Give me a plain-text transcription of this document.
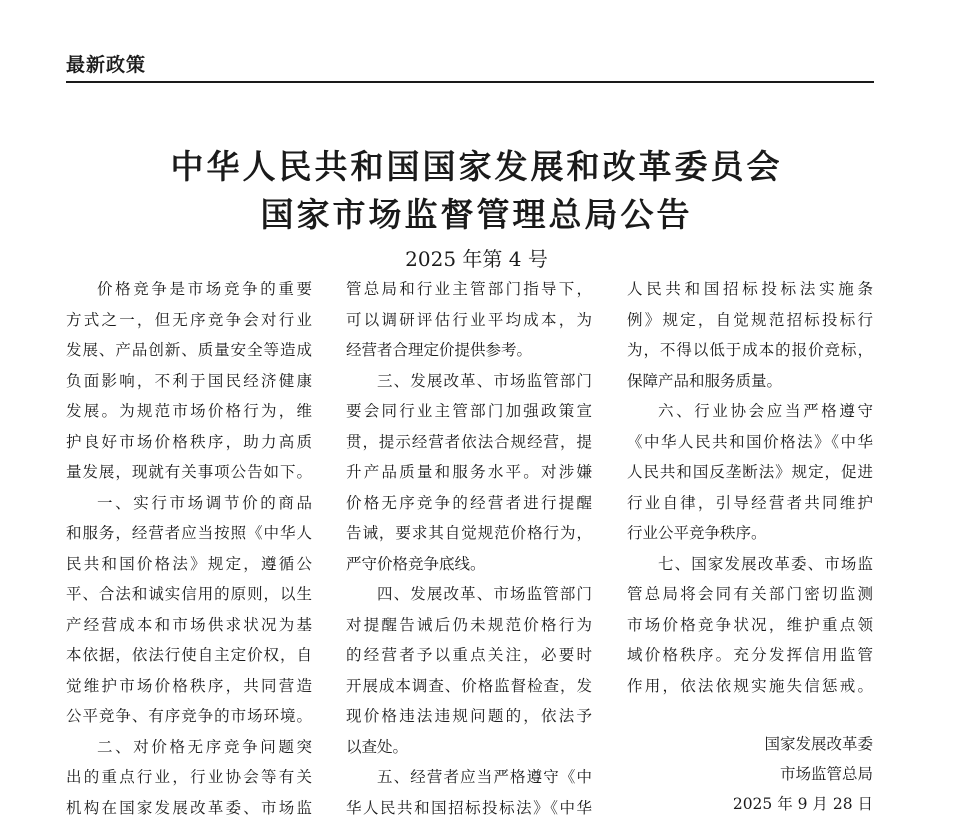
最新政策
中华人民共和国国家发展和改革委员会
国家市场监督管理总局公告
2025 年第 4 号
价格竞争是市场竞争的重要
方式之一，但无序竞争会对行业
发展、产品创新、质量安全等造成
负面影响，不利于国民经济健康
发展。为规范市场价格行为，维
护良好市场价格秩序，助力高质
量发展，现就有关事项公告如下。
一、实行市场调节价的商品
和服务，经营者应当按照《中华人
民共和国价格法》规定，遵循公
平、合法和诚实信用的原则，以生
产经营成本和市场供求状况为基
本依据，依法行使自主定价权，自
觉维护市场价格秩序，共同营造
公平竞争、有序竞争的市场环境。
二、对价格无序竞争问题突
出的重点行业，行业协会等有关
机构在国家发展改革委、市场监
管总局和行业主管部门指导下，
可以调研评估行业平均成本，为
经营者合理定价提供参考。
三、发展改革、市场监管部门
要会同行业主管部门加强政策宣
贯，提示经营者依法合规经营，提
升产品质量和服务水平。对涉嫌
价格无序竞争的经营者进行提醒
告诫，要求其自觉规范价格行为，
严守价格竞争底线。
四、发展改革、市场监管部门
对提醒告诫后仍未规范价格行为
的经营者予以重点关注，必要时
开展成本调查、价格监督检查，发
现价格违法违规问题的，依法予
以查处。
五、经营者应当严格遵守《中
华人民共和国招标投标法》《中华
人民共和国招标投标法实施条
例》规定，自觉规范招标投标行
为，不得以低于成本的报价竞标，
保障产品和服务质量。
六、行业协会应当严格遵守
《中华人民共和国价格法》《中华
人民共和国反垄断法》规定，促进
行业自律，引导经营者共同维护
行业公平竞争秩序。
七、国家发展改革委、市场监
管总局将会同有关部门密切监测
市场价格竞争状况，维护重点领
域价格秩序。充分发挥信用监管
作用，依法依规实施失信惩戒。
国家发展改革委
市场监管总局
2025 年 9 月 28 日
